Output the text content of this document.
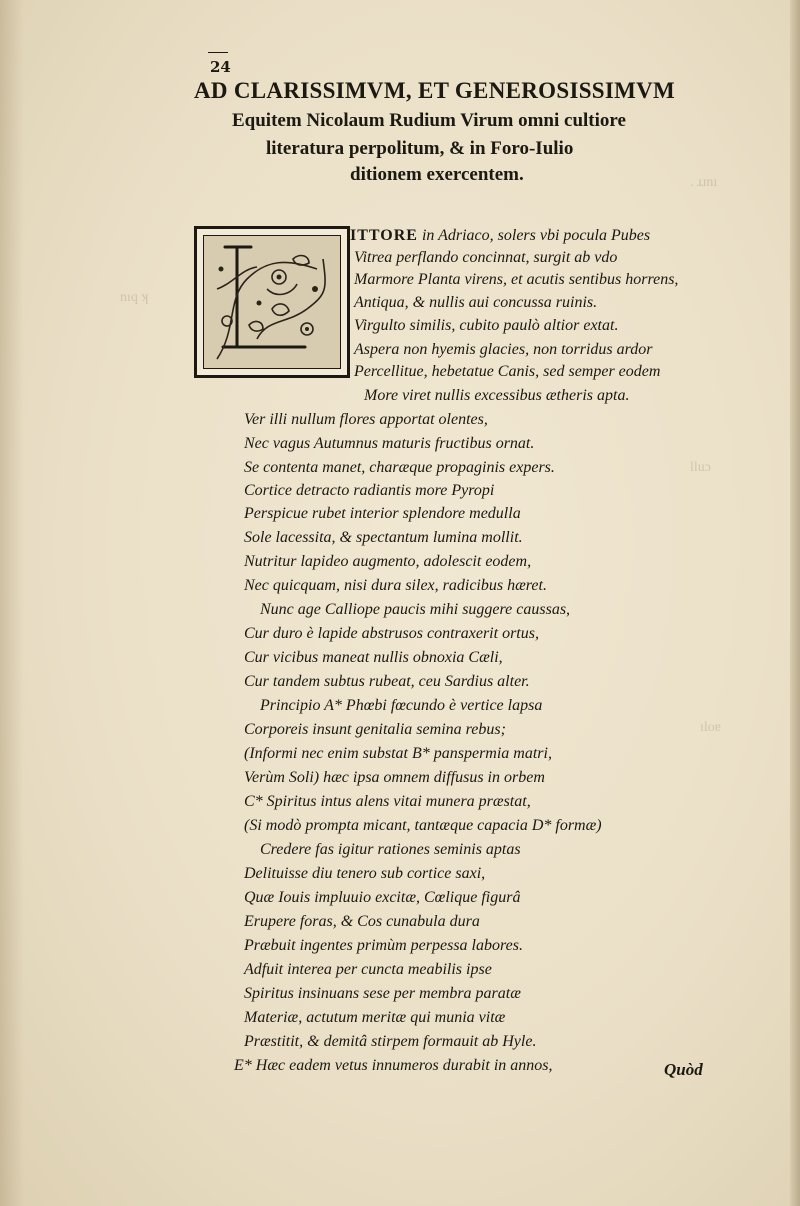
. ɹɹnı
nıq ʞ
lluɔ
ıloɐ
24
AD CLARISSIMVM, ET GENEROSISSIMVM
Equitem Nicolaum Rudium Virum omni cultiore
literatura perpolitum, & in Foro-Iulio
ditionem exercentem.
ITTORE in Adriaco, solers vbi pocula Pubes
Vitrea perflando concinnat, surgit ab vdo
Marmore Planta virens, et acutis sentibus horrens,
Antiqua, & nullis aui concussa ruinis.
Virgulto similis, cubito paulò altior extat.
Aspera non hyemis glacies, non torridus ardor
Percellitue, hebetatue Canis, sed semper eodem
More viret nullis excessibus ætheris apta.
Ver illi nullum flores apportat olentes,
Nec vagus Autumnus maturis fructibus ornat.
Se contenta manet, charæque propaginis expers.
Cortice detracto radiantis more Pyropi
Perspicue rubet interior splendore medulla
Sole lacessita, & spectantum lumina mollit.
Nutritur lapideo augmento, adolescit eodem,
Nec quicquam, nisi dura silex, radicibus hæret.
Nunc age Calliope paucis mihi suggere caussas,
Cur duro è lapide abstrusos contraxerit ortus,
Cur vicibus maneat nullis obnoxia Cæli,
Cur tandem subtus rubeat, ceu Sardius alter.
Principio A* Phœbi fœcundo è vertice lapsa
Corporeis insunt genitalia semina rebus;
(Informi nec enim substat B* panspermia matri,
Verùm Soli) hæc ipsa omnem diffusus in orbem
C* Spiritus intus alens vitai munera præstat,
(Si modò prompta micant, tantæque capacia D* formæ)
Credere fas igitur rationes seminis aptas
Delituisse diu tenero sub cortice saxi,
Quæ Iouis impluuio excitæ, Cœlique figurâ
Erupere foras, & Cos cunabula dura
Præbuit ingentes primùm perpessa labores.
Adfuit interea per cuncta meabilis ipse
Spiritus insinuans sese per membra paratæ
Materiæ, actutum meritæ qui munia vitæ
Præstitit, & demitâ stirpem formauit ab Hyle.
E* Hæc eadem vetus innumeros durabit in annos,	Quòd
